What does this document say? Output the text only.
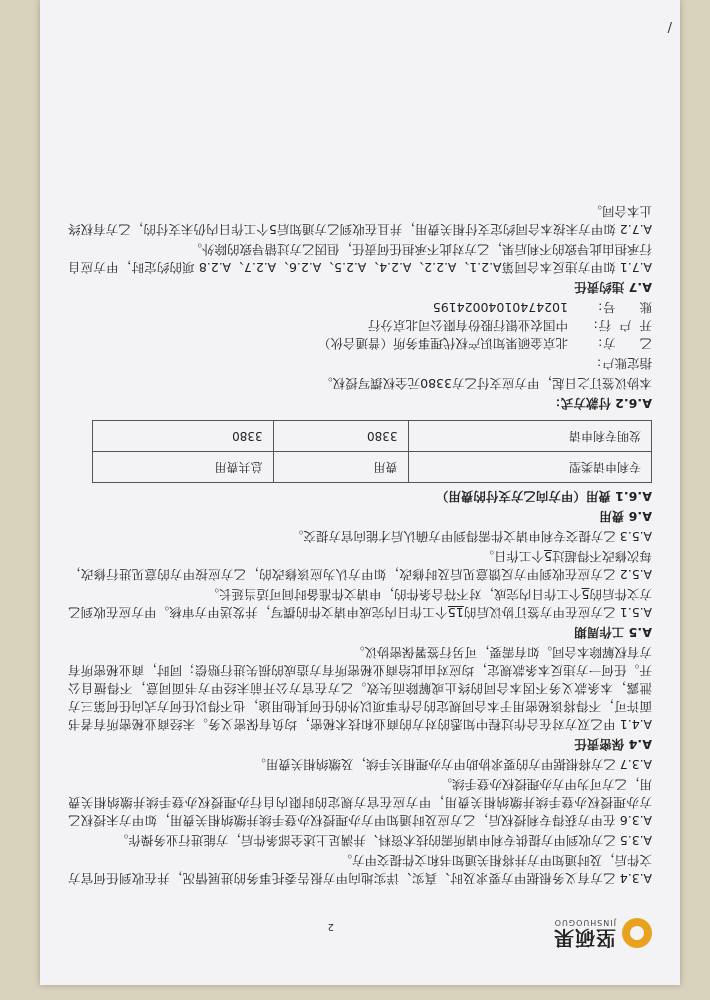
坚硕果
JINSHUOGUO
2

A.3.4 乙方有义务根据甲方要求及时、真实、详实地向甲方报告委托事务的进展情况，并在收到任何官方文件后，及时通知甲方并将相关通知书和文件提交甲方。

A.3.5 乙方收到甲方提供专利申请所需的技术资料、并满足上述全部条件后，方能进行业务操作。

A.3.6 在甲方获得专利授权后，乙方应及时通知甲方办理授权办登手续并缴纳相关费用，如甲方未授权乙方办理授权办登手续并缴纳相关费用，甲方应在官方规定的时限内自行办理授权办登手续并缴纳相关费用，乙方可为甲方办理授权办登手续。

A.3.7 乙方将根据甲方的要求协助甲方办理相关手续，及缴纳相关费用。

A.4 保密责任

A.4.1 甲乙双方对在合作过程中知悉的对方的商业和技术秘密，均负有保密义务。未经商业秘密所有者书面许可，不得将该秘密用于本合同规定的合作事项以外的任何其他用途，也不得以任何方式向任何第三方泄露，本条款义务不因本合同的终止或解除而失效。乙方在官方公开前未经甲方书面同意，不得擅自公开。任何一方违反本条款规定，均应对由此给商业秘密所有方造成的损失进行赔偿；同时，商业秘密所有方有权解除本合同。如有需要，可另行签署保密协议。

A.5 工作周期

A.5.1 乙方应在甲方签订协议后的15个工作日内完成申请文件的撰写，并发送甲方审核。甲方应在收到乙方文件后的5个工作日内完成，对不符合条件的，申请文件准备时间可适当延长。

A.5.2 乙方应在收到甲方反馈意见后及时修改，如甲方认为应该修改的，乙方应按甲方的意见进行修改，每次修改不得超过5个工作日。

A.5.3 乙方提交专利申请文件需得到甲方确认后才能向官方提交。

A.6 费用

A.6.1 费用（甲方向乙方支付的费用）

专利申请类型	费用	总共费用
发明专利申请	3380	3380
A.6.2 付款方式：

本协议签订之日起，甲方应支付乙方3380元全权撰写授权。

指定账户：

乙      方：
北京金硕果知识产权代理事务所（普通合伙）
开  户  行：
中国农业银行股份有限公司北京分行
账      号：
10247401040024195
A.7 违约责任

A.7.1 如甲方违反本合同第A.2.1、A.2.2、A.2.4、A.2.5、A.2.6、A.2.7、A.2.8 项的约定时，甲方应自行承担由此导致的不利后果，乙方对此不承担任何责任，但因乙方过错导致的除外。

A.7.2 如甲方未按本合同约定支付相关费用，并且在收到乙方通知后5个工作日内仍未支付的，乙方有权终止本合同。

/
